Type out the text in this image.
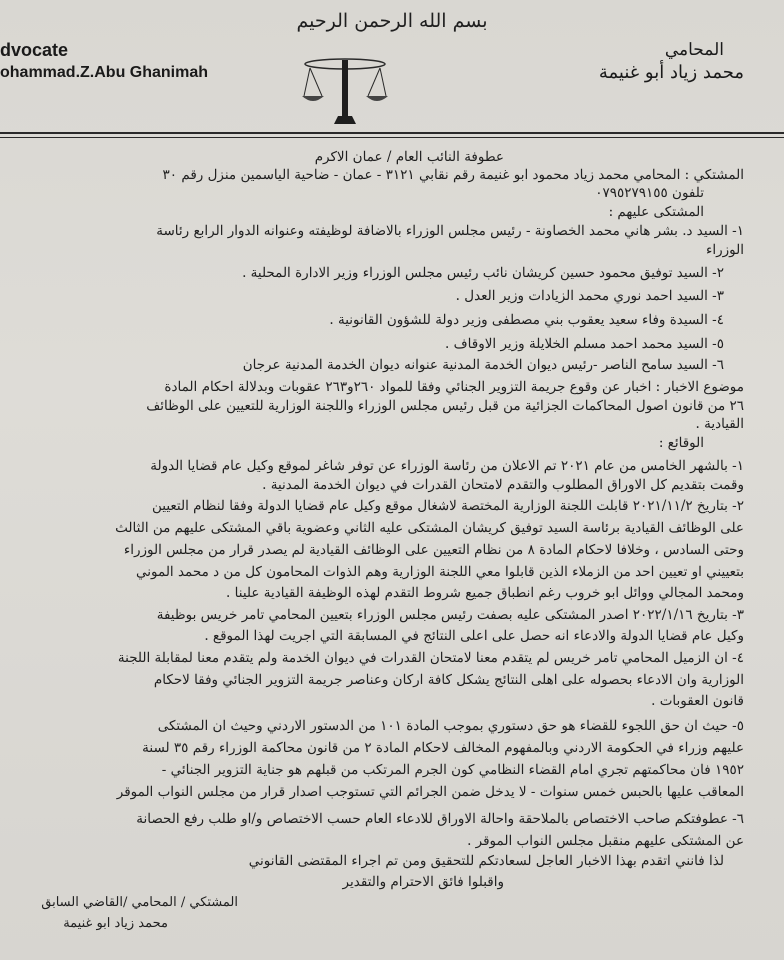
بسم الله الرحمن الرحيم
dvocate
ohammad.Z.Abu Ghanimah
المحامي
محمد زياد أبو غنيمة
عطوفة النائب العام / عمان الاكرم
المشتكي : المحامي محمد زياد محمود ابو غنيمة رقم نقابي ٣١٢١ - عمان - ضاحية الياسمين منزل رقم ٣٠
تلفون ٠٧٩٥٢٧٩١٥٥
المشتكى عليهم :
١- السيد د. بشر هاني محمد الخصاونة - رئيس مجلس الوزراء بالاضافة لوظيفته وعنوانه الدوار الرابع رئاسة
الوزراء
٢- السيد توفيق محمود حسين كريشان نائب رئيس مجلس الوزراء وزير الادارة المحلية .
٣- السيد احمد نوري محمد الزيادات وزير العدل .
٤- السيدة وفاء سعيد يعقوب بني مصطفى وزير دولة للشؤون القانونية .
٥- السيد محمد احمد مسلم الخلايلة وزير الاوقاف .
٦- السيد سامح الناصر -رئيس ديوان الخدمة المدنية عنوانه ديوان الخدمة المدنية عرجان
موضوع الاخبار : اخبار عن وقوع جريمة التزوير الجنائي وفقا للمواد ٢٦٠و٢٦٣ عقوبات وبدلالة احكام المادة
٢٦ من قانون اصول المحاكمات الجزائية من قبل رئيس مجلس الوزراء واللجنة الوزارية للتعيين على الوظائف
القيادية .
الوقائع :
١- بالشهر الخامس من عام ٢٠٢١ تم الاعلان من رئاسة الوزراء عن توفر شاغر لموقع وكيل عام قضايا الدولة
وقمت بتقديم كل الاوراق المطلوب والتقدم لامتحان القدرات في ديوان الخدمة المدنية .
٢- بتاريخ ٢٠٢١/١١/٢ قابلت اللجنة الوزارية المختصة لاشغال موقع وكيل عام قضايا الدولة وفقا لنظام التعيين
على الوظائف القيادية برئاسة السيد توفيق كريشان المشتكى عليه الثاني وعضوية باقي المشتكى عليهم من الثالث
وحتى السادس ، وخلافا لاحكام المادة ٨ من نظام التعيين على الوظائف القيادية لم يصدر قرار من مجلس الوزراء
بتعييني او تعيين احد من الزملاء الذين قابلوا معي اللجنة الوزارية وهم الذوات المحامون كل من د محمد الموني
ومحمد المجالي ووائل ابو خروب رغم انطباق جميع شروط التقدم لهذه الوظيفة القيادية علينا .
٣- بتاريخ ٢٠٢٢/١/١٦ اصدر المشتكى عليه بصفت رئيس مجلس الوزراء بتعيين المحامي تامر خريس بوظيفة
وكيل عام قضايا الدولة والادعاء انه حصل على اعلى النتائج في المسابقة التي اجريت لهذا الموقع .
٤- ان الزميل المحامي تامر خريس لم يتقدم معنا لامتحان القدرات في ديوان الخدمة ولم يتقدم معنا لمقابلة اللجنة
الوزارية وان الادعاء بحصوله على اهلى النتائج يشكل كافة اركان وعناصر جريمة التزوير الجنائي وفقا لاحكام
قانون العقوبات .
٥- حيث ان حق اللجوء للقضاء هو حق دستوري بموجب المادة ١٠١ من الدستور الاردني وحيث ان المشتكى
عليهم وزراء في الحكومة الاردني وبالمفهوم المخالف لاحكام المادة ٢ من قانون محاكمة الوزراء رقم ٣٥ لسنة
١٩٥٢ فان محاكمتهم تجري امام القضاء النظامي كون الجرم المرتكب من قبلهم هو جناية التزوير الجنائي -
المعاقب عليها بالحبس خمس سنوات - لا يدخل ضمن الجرائم التي تستوجب اصدار قرار من مجلس النواب الموقر
٦- عطوفتكم صاحب الاختصاص بالملاحقة واحالة الاوراق للادعاء العام حسب الاختصاص و/او طلب رفع الحصانة
عن المشتكى عليهم منقبل مجلس النواب الموقر .
لذا فانني اتقدم بهذا الاخبار العاجل لسعادتكم للتحقيق ومن تم اجراء المقتضى القانوني
واقبلوا فائق الاحترام والتقدير
المشتكي / المحامي /القاضي السابق
محمد زياد ابو غنيمة
